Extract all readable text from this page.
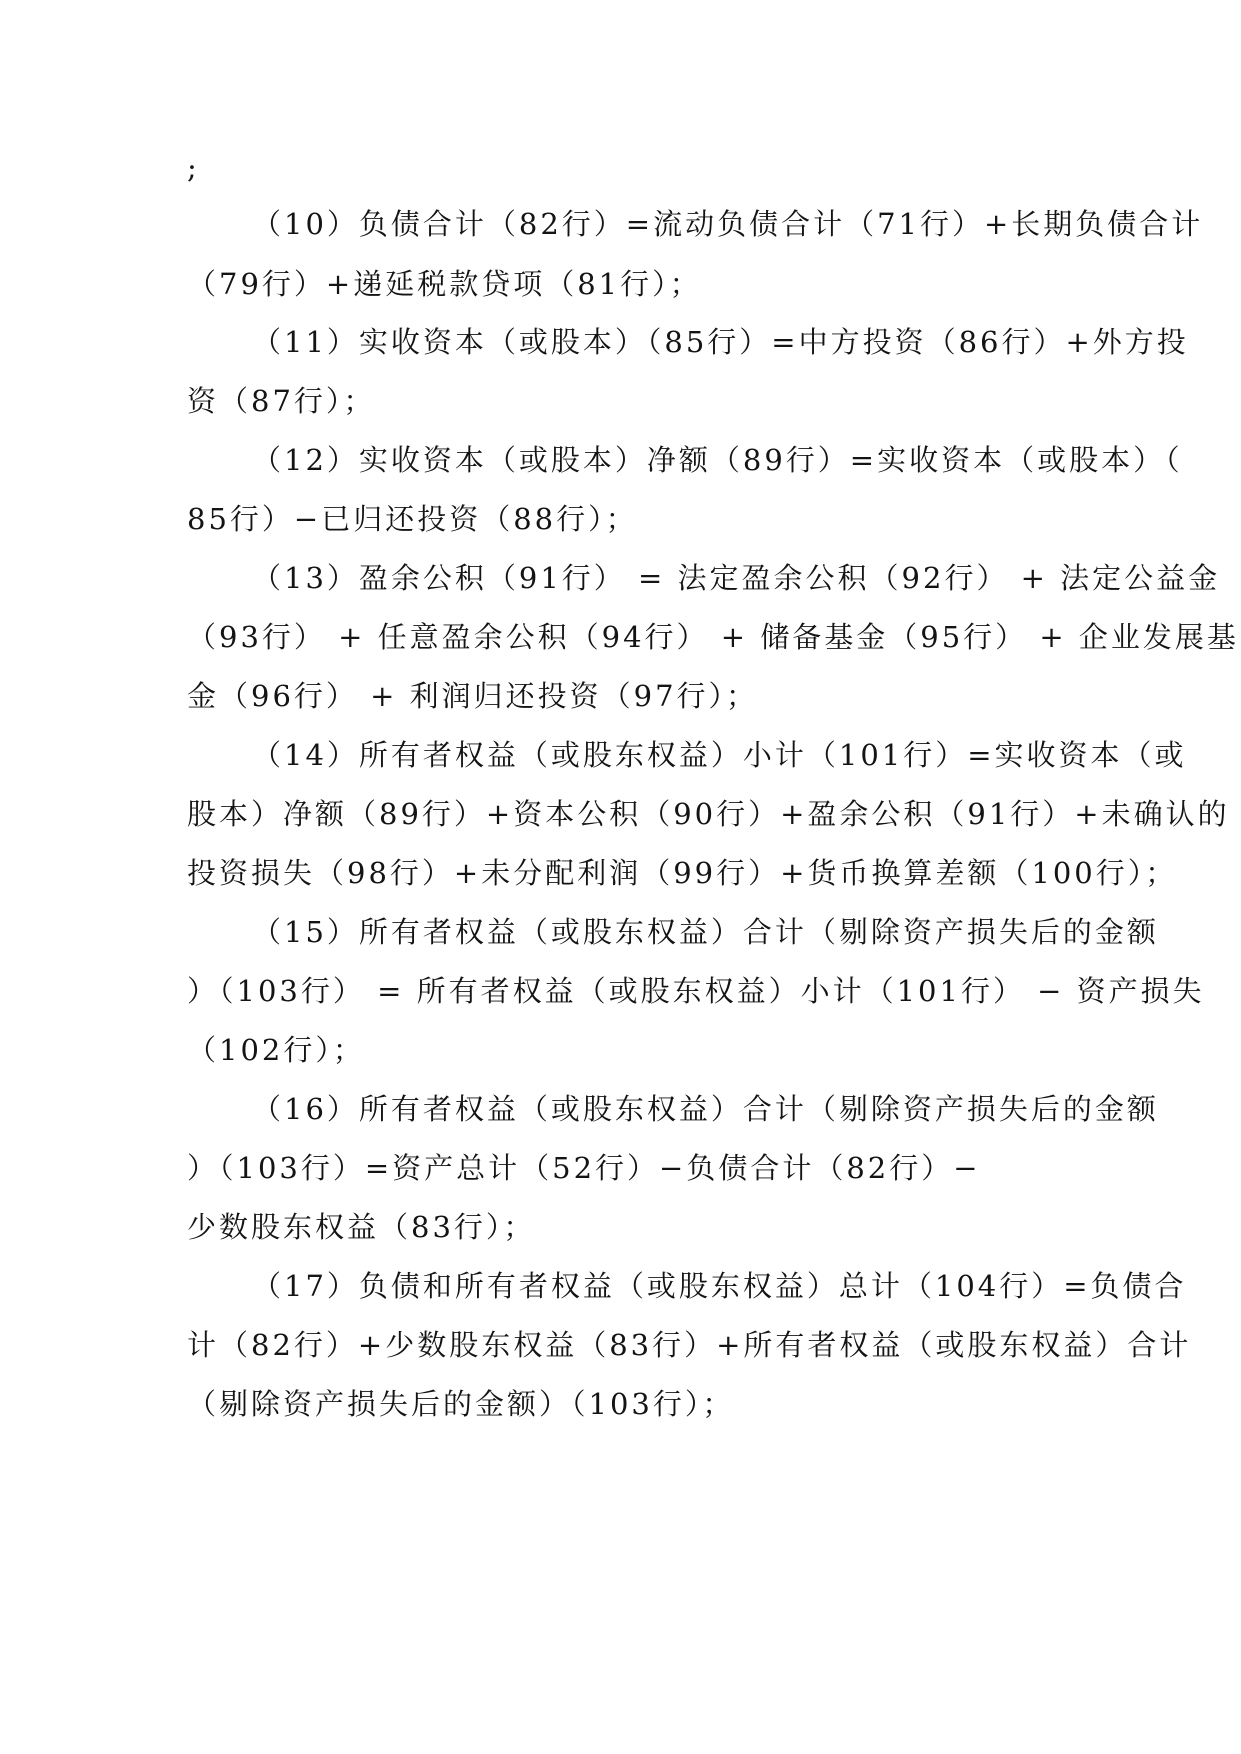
;
（10）负债合计（82行）=流动负债合计（71行）+长期负债合计
（79行）+递延税款贷项（81行）；
（11）实收资本（或股本）（85行）=中方投资（86行）+外方投
资（87行）；
（12）实收资本（或股本）净额（89行）=实收资本（或股本）（
85行）−已归还投资（88行）；
（13）盈余公积（91行） = 法定盈余公积（92行） + 法定公益金
（93行） + 任意盈余公积（94行） + 储备基金（95行） + 企业发展基
金（96行） + 利润归还投资（97行）；
（14）所有者权益（或股东权益）小计（101行）=实收资本（或
股本）净额（89行）+资本公积（90行）+盈余公积（91行）+未确认的
投资损失（98行）+未分配利润（99行）+货币换算差额（100行）；
（15）所有者权益（或股东权益）合计（剔除资产损失后的金额
）（103行） = 所有者权益（或股东权益）小计（101行） − 资产损失
（102行）；
（16）所有者权益（或股东权益）合计（剔除资产损失后的金额
）（103行）=资产总计（52行）−负债合计（82行）−
少数股东权益（83行）；
（17）负债和所有者权益（或股东权益）总计（104行）=负债合
计（82行）+少数股东权益（83行）+所有者权益（或股东权益）合计
（剔除资产损失后的金额）（103行）；
